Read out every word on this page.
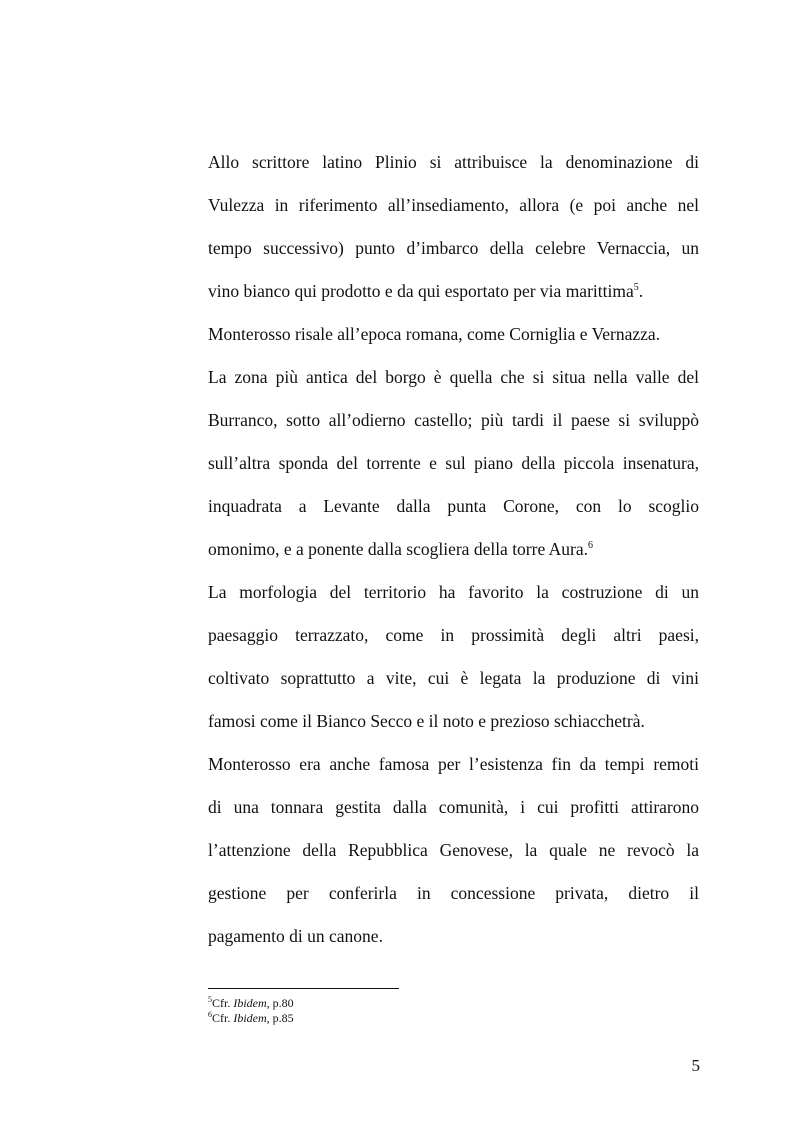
Allo scrittore latino Plinio si attribuisce la denominazione di
Vulezza in riferimento all’insediamento, allora (e poi anche nel
tempo successivo) punto d’imbarco della celebre Vernaccia, un
vino bianco qui prodotto e da qui esportato per via marittima$^5$.
Monterosso risale all’epoca romana, come Corniglia e Vernazza.
La zona più antica del borgo è quella che si situa nella valle del
Burranco, sotto all’odierno castello; più tardi il paese si sviluppò
sull’altra sponda del torrente e sul piano della piccola insenatura,
inquadrata a Levante dalla punta Corone, con lo scoglio
omonimo, e a ponente dalla scogliera della torre Aura.$^6$
La morfologia del territorio ha favorito la costruzione di un
paesaggio terrazzato, come in prossimità degli altri paesi,
coltivato soprattutto a vite, cui è legata la produzione di vini
famosi come il Bianco Secco e il noto e prezioso schiacchetrà.
Monterosso era anche famosa per l’esistenza fin da tempi remoti
di una tonnara gestita dalla comunità, i cui profitti attirarono
l’attenzione della Repubblica Genovese, la quale ne revocò la
gestione per conferirla in concessione privata, dietro il
pagamento di un canone.
$^5$Cfr. Ibidem, p.80
$^6$Cfr. Ibidem, p.85
5
